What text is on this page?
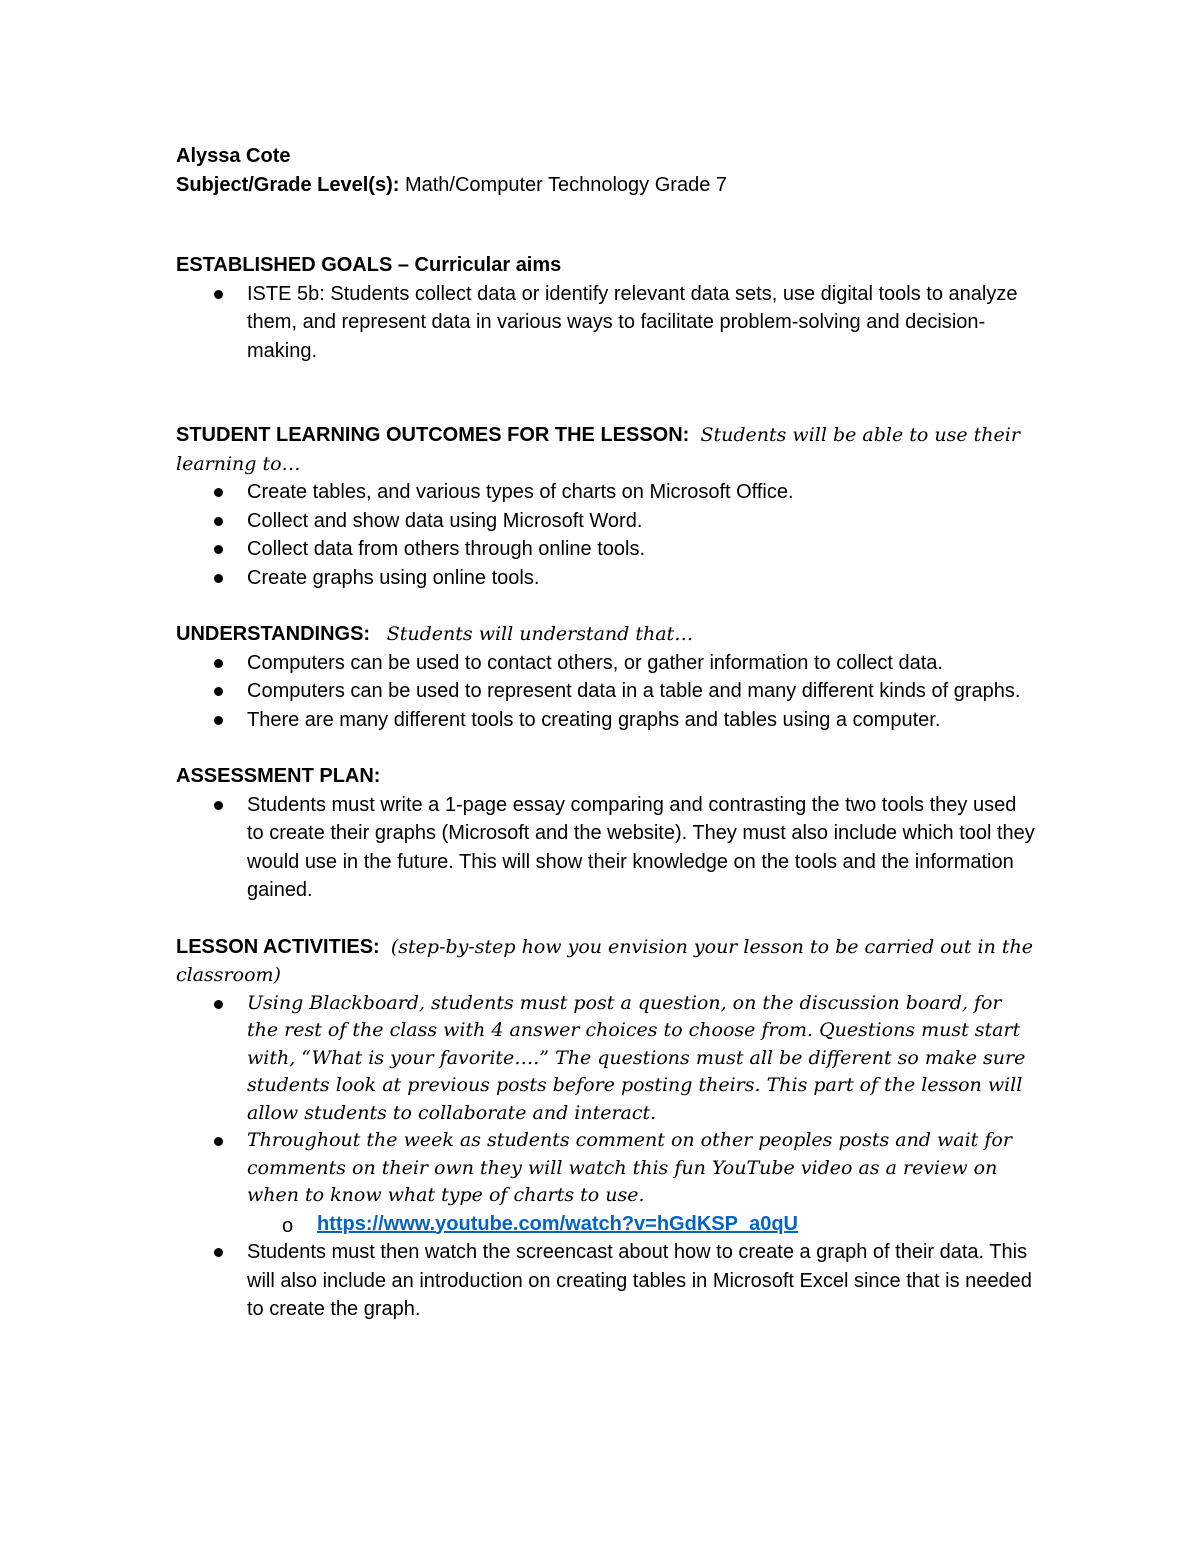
Alyssa Cote

Subject/Grade Level(s): Math/Computer Technology Grade 7

ESTABLISHED GOALS – Curricular aims

ISTE 5b: Students collect data or identify relevant data sets, use digital tools to analyze them, and represent data in various ways to facilitate problem-solving and decision-making.

STUDENT LEARNING OUTCOMES FOR THE LESSON: Students will be able to use their learning to…

Create tables, and various types of charts on Microsoft Office.
Collect and show data using Microsoft Word.
Collect data from others through online tools.
Create graphs using online tools.

UNDERSTANDINGS: Students will understand that…

Computers can be used to contact others, or gather information to collect data.
Computers can be used to represent data in a table and many different kinds of graphs.
There are many different tools to creating graphs and tables using a computer.

ASSESSMENT PLAN:

Students must write a 1-page essay comparing and contrasting the two tools they used to create their graphs (Microsoft and the website). They must also include which tool they would use in the future. This will show their knowledge on the tools and the information gained.

LESSON ACTIVITIES: (step-by-step how you envision your lesson to be carried out in the classroom)

Using Blackboard, students must post a question, on the discussion board, for the rest of the class with 4 answer choices to choose from. Questions must start with, “What is your favorite….” The questions must all be different so make sure students look at previous posts before posting theirs. This part of the lesson will allow students to collaborate and interact.
Throughout the week as students comment on other peoples posts and wait for comments on their own they will watch this fun YouTube video as a review on when to know what type of charts to use.
o https://www.youtube.com/watch?v=hGdKSP_a0qU
Students must then watch the screencast about how to create a graph of their data. This will also include an introduction on creating tables in Microsoft Excel since that is needed to create the graph.
